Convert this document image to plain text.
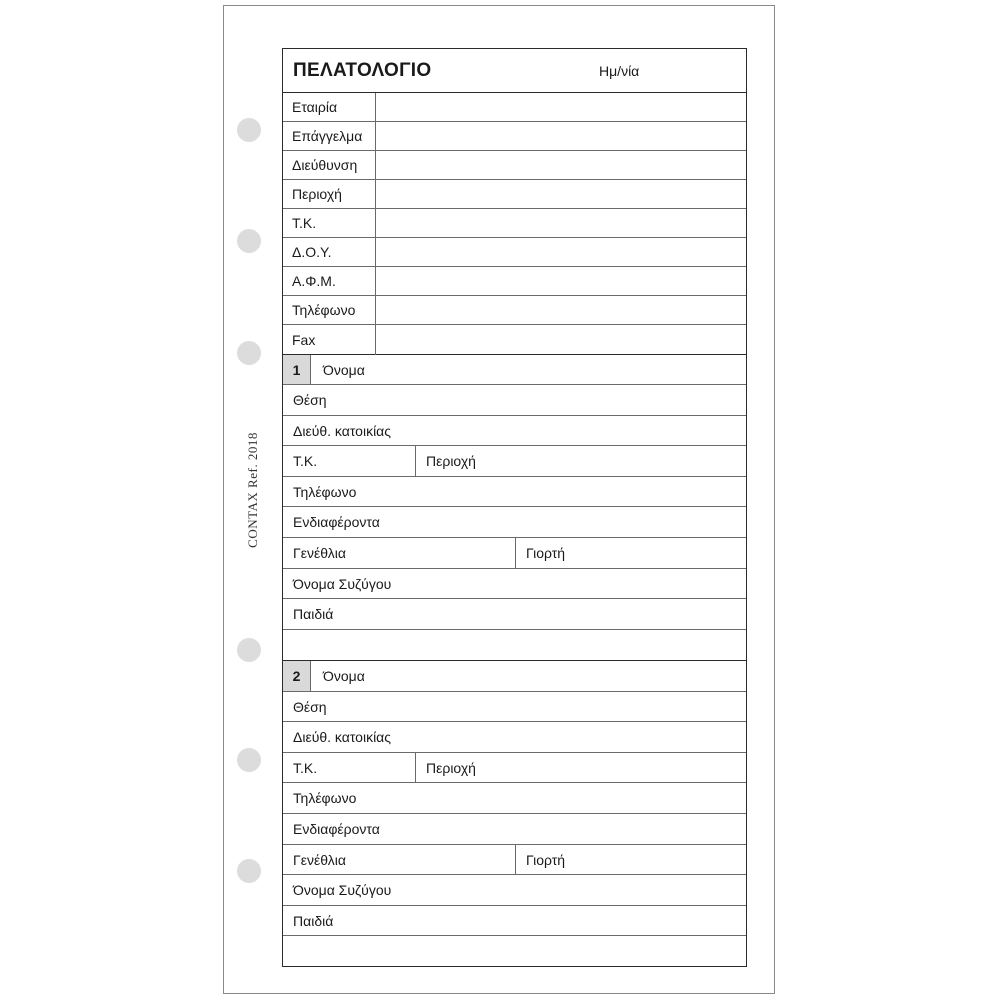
CONTAX Ref. 2018
ΠΕΛΑΤΟΛΟΓΙΟ	Ημ/νία
Εταιρία
Επάγγελμα
Διεύθυνση
Περιοχή
Τ.Κ.
Δ.Ο.Υ.
Α.Φ.Μ.
Τηλέφωνο
Fax
1	Όνομα
Θέση
Διεύθ. κατοικίας
Τ.Κ.	Περιοχή
Τηλέφωνο
Ενδιαφέροντα
Γενέθλια	Γιορτή
Όνομα Συζύγου
Παιδιά
2	Όνομα
Θέση
Διεύθ. κατοικίας
Τ.Κ.	Περιοχή
Τηλέφωνο
Ενδιαφέροντα
Γενέθλια	Γιορτή
Όνομα Συζύγου
Παιδιά
